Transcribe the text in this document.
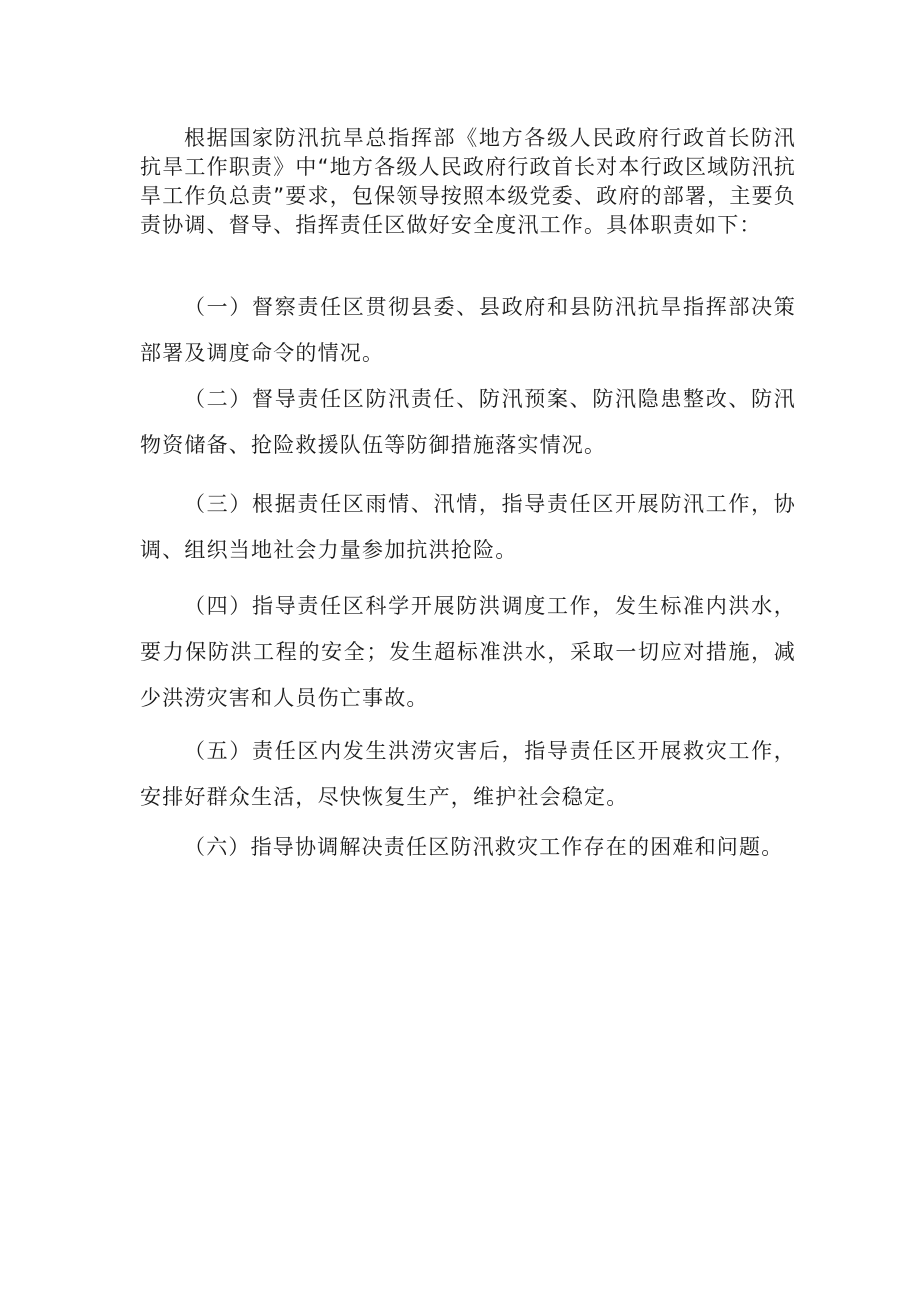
根据国家防汛抗旱总指挥部《地方各级人民政府行政首长防汛抗旱工作职责》中“地方各级人民政府行政首长对本行政区域防汛抗旱工作负总责”要求，包保领导按照本级党委、政府的部署，主要负责协调、督导、指挥责任区做好安全度汛工作。具体职责如下：

（一）督察责任区贯彻县委、县政府和县防汛抗旱指挥部决策部署及调度命令的情况。

（二）督导责任区防汛责任、防汛预案、防汛隐患整改、防汛物资储备、抢险救援队伍等防御措施落实情况。

（三）根据责任区雨情、汛情，指导责任区开展防汛工作，协调、组织当地社会力量参加抗洪抢险。

（四）指导责任区科学开展防洪调度工作，发生标准内洪水，要力保防洪工程的安全；发生超标准洪水，采取一切应对措施，减少洪涝灾害和人员伤亡事故。

（五）责任区内发生洪涝灾害后，指导责任区开展救灾工作，安排好群众生活，尽快恢复生产，维护社会稳定。

（六）指导协调解决责任区防汛救灾工作存在的困难和问题。
